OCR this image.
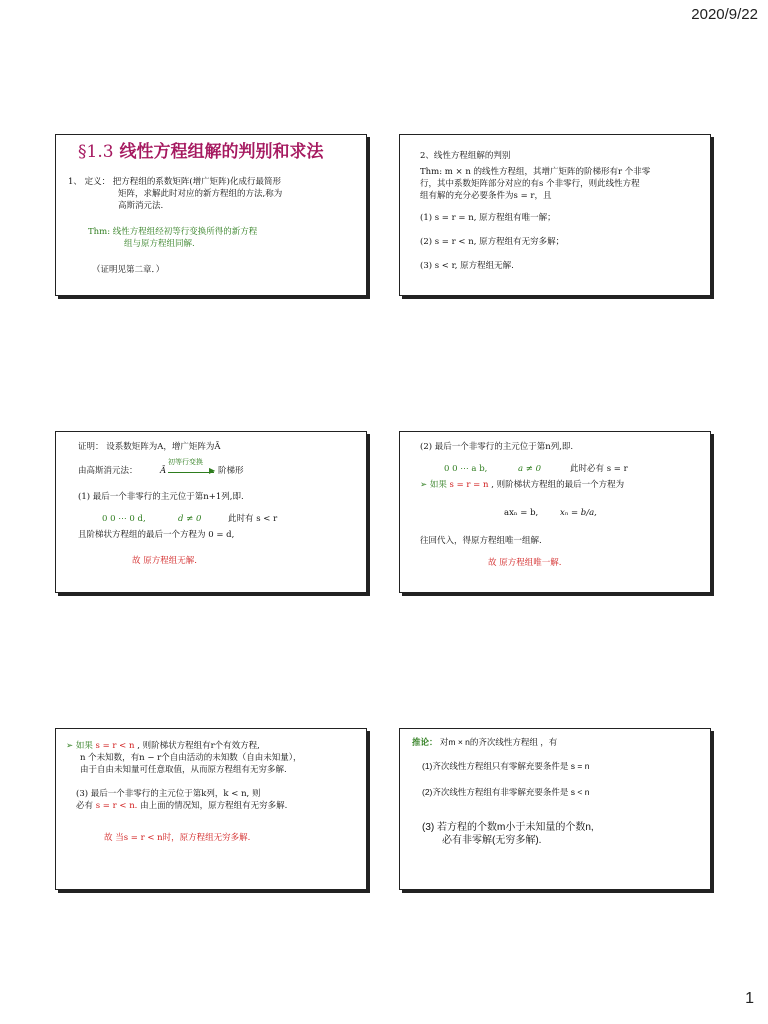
2020/9/22
§1.3 线性方程组解的判别和求法
1、 定义： 把方程组的系数矩阵(增广矩阵)化成行最简形
矩阵，求解此时对应的新方程组的方法,称为
高斯消元法.
Thm: 线性方程组经初等行变换所得的新方程
组与原方程组同解.
（证明见第二章．）
2、线性方程组解的判别
Thm: m × n 的线性方程组，其增广矩阵的阶梯形有r 个非零
行，其中系数矩阵部分对应的有s 个非零行，则此线性方程
组有解的充分必要条件为s = r，且
(1) s = r = n, 原方程组有唯一解；
(2) s = r < n, 原方程组有无穷多解；
(3) s < r, 原方程组无解.
证明： 设系数矩阵为A，增广矩阵为Ā
由高斯消元法：	Ā
初等行变换
▶ 阶梯形
(1) 最后一个非零行的主元位于第n+1列,即.
0 0 ⋯ 0 d,	d ≠ 0	此时有 s < r
且阶梯状方程组的最后一个方程为 0 = d,
故 原方程组无解.
(2) 最后一个非零行的主元位于第n列,即.
0 0 ⋯ a b,	a ≠ 0	此时必有 s = r
➢ 如果 s = r = n , 则阶梯状方程组的最后一个方程为
axₙ = b,	xₙ = b/a,
往回代入，得原方程组唯一组解.
故 原方程组唯一解.
➢ 如果 s = r < n , 则阶梯状方程组有r个有效方程,
n 个未知数，有n − r个自由活动的未知数（自由未知量），
由于自由未知量可任意取值，从而原方程组有无穷多解.
(3) 最后一个非零行的主元位于第k列，k < n, 则
必有 s = r < n. 由上面的情况知，原方程组有无穷多解.
故 当s = r < n时，原方程组无穷多解.
推论： 对m × n的齐次线性方程组 ，有
(1)齐次线性方程组只有零解充要条件是 s = n
(2)齐次线性方程组有非零解充要条件是 s < n
(3) 若方程的个数m小于未知量的个数n,
必有非零解(无穷多解).
1
